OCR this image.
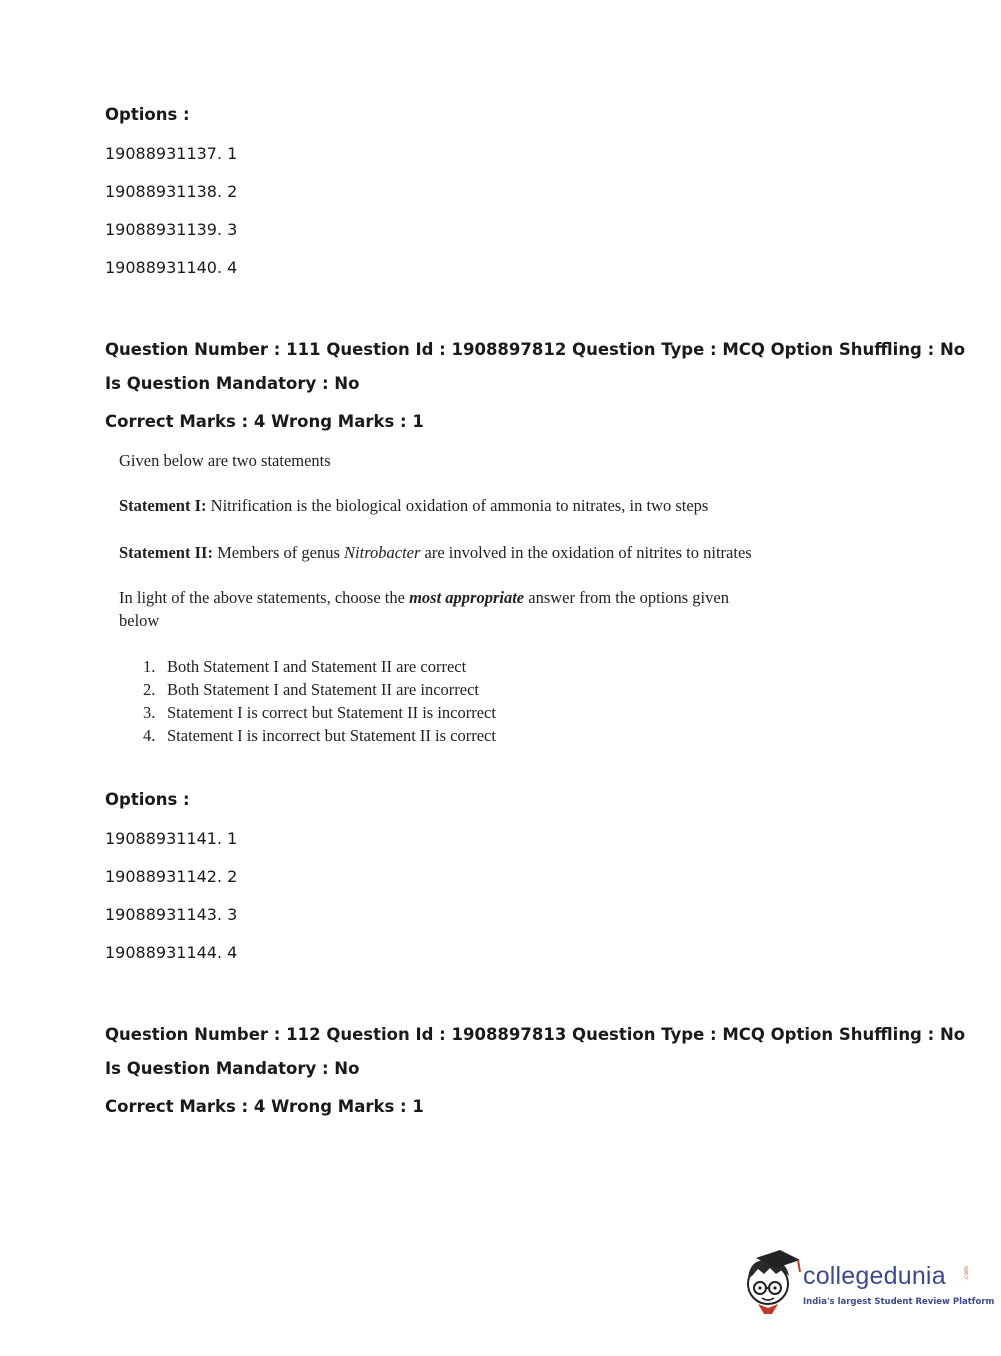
Options :
19088931137. 1
19088931138. 2
19088931139. 3
19088931140. 4
Question Number : 111 Question Id : 1908897812 Question Type : MCQ Option Shuffling : No
Is Question Mandatory : No
Correct Marks : 4 Wrong Marks : 1
Given below are two statements
Statement I: Nitrification is the biological oxidation of ammonia to nitrates, in two steps
Statement II: Members of genus Nitrobacter are involved in the oxidation of nitrites to nitrates
In light of the above statements, choose the most appropriate answer from the options given
below
1. Both Statement I and Statement II are correct
2. Both Statement I and Statement II are incorrect
3. Statement I is correct but Statement II is incorrect
4. Statement I is incorrect but Statement II is correct
Options :
19088931141. 1
19088931142. 2
19088931143. 3
19088931144. 4
Question Number : 112 Question Id : 1908897813 Question Type : MCQ Option Shuffling : No
Is Question Mandatory : No
Correct Marks : 4 Wrong Marks : 1
collegedunia	.com
India's largest Student Review Platform
